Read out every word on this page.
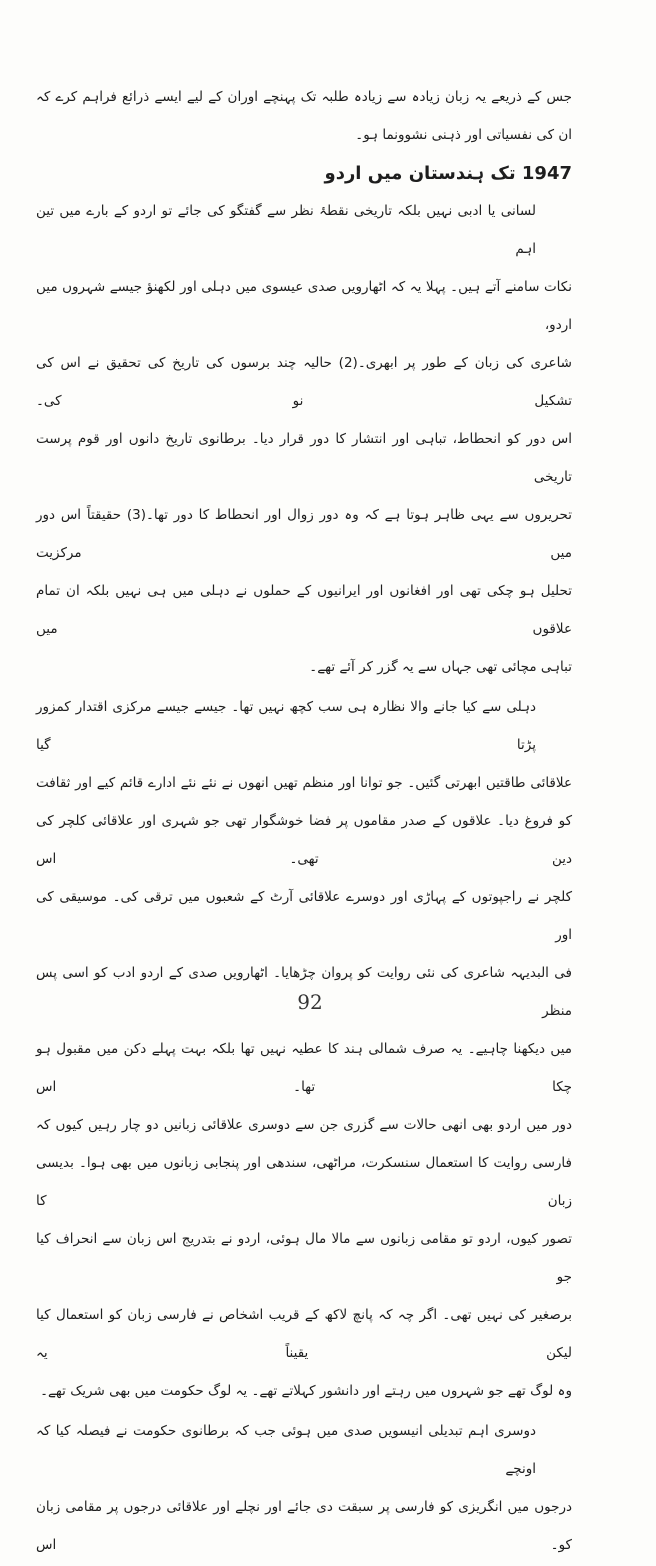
جس کے ذریعے یہ زبان زیادہ سے زیادہ طلبہ تک پہنچے اوران کے لیے ایسے ذرائع فراہم کرے کہ
ان کی نفسیاتی اور ذہنی نشوونما ہو۔
1947 تک ہندستان میں اردو
لسانی یا ادبی نہیں بلکہ تاریخی نقطۂ نظر سے گفتگو کی جائے تو اردو کے بارے میں تین اہم
نکات سامنے آتے ہیں۔ پہلا یہ کہ اٹھارویں صدی عیسوی میں دہلی اور لکھنؤ جیسے شہروں میں اردو،
شاعری کی زبان کے طور پر ابھری۔(2) حالیہ چند برسوں کی تاریخ کی تحقیق نے اس کی تشکیل نو کی۔
اس دور کو انحطاط، تباہی اور انتشار کا دور قرار دیا۔ برطانوی تاریخ دانوں اور قوم پرست تاریخی
تحریروں سے یہی ظاہر ہوتا ہے کہ وہ دور زوال اور انحطاط کا دور تھا۔(3) حقیقتاً اس دور میں مرکزیت
تحلیل ہو چکی تھی اور افغانوں اور ایرانیوں کے حملوں نے دہلی میں ہی نہیں بلکہ ان تمام علاقوں میں
تباہی مچائی تھی جہاں سے یہ گزر کر آئے تھے۔
دہلی سے کیا جانے والا نظارہ ہی سب کچھ نہیں تھا۔ جیسے جیسے مرکزی اقتدار کمزور پڑتا گیا
علاقائی طاقتیں ابھرتی گئیں۔ جو توانا اور منظم تھیں انھوں نے نئے نئے ادارے قائم کیے اور ثقافت
کو فروغ دیا۔ علاقوں کے صدر مقاموں پر فضا خوشگوار تھی جو شہری اور علاقائی کلچر کی دین تھی۔ اس
کلچر نے راجپوتوں کے پہاڑی اور دوسرے علاقائی آرٹ کے شعبوں میں ترقی کی۔ موسیقی کی اور
فی البدیہہ شاعری کی نئی روایت کو پروان چڑھایا۔ اٹھارویں صدی کے اردو ادب کو اسی پس منظر
میں دیکھنا چاہیے۔ یہ صرف شمالی ہند کا عطیہ نہیں تھا بلکہ بہت پہلے دکن میں مقبول ہو چکا تھا۔ اس
دور میں اردو بھی انھی حالات سے گزری جن سے دوسری علاقائی زبانیں دو چار رہیں کیوں کہ
فارسی روایت کا استعمال سنسکرت، مراٹھی، سندھی اور پنجابی زبانوں میں بھی ہوا۔ بدیسی زبان کا
تصور کیوں، اردو تو مقامی زبانوں سے مالا مال ہوئی، اردو نے بتدریج اس زبان سے انحراف کیا جو
برصغیر کی نہیں تھی۔ اگر چہ کہ پانچ لاکھ کے قریب اشخاص نے فارسی زبان کو استعمال کیا لیکن یقیناً یہ
وہ لوگ تھے جو شہروں میں رہتے اور دانشور کہلاتے تھے۔ یہ لوگ حکومت میں بھی شریک تھے۔
دوسری اہم تبدیلی انیسویں صدی میں ہوئی جب کہ برطانوی حکومت نے فیصلہ کیا کہ اونچے
درجوں میں انگریزی کو فارسی پر سبقت دی جائے اور نچلے اور علاقائی درجوں پر مقامی زبان کو۔ اس
92
